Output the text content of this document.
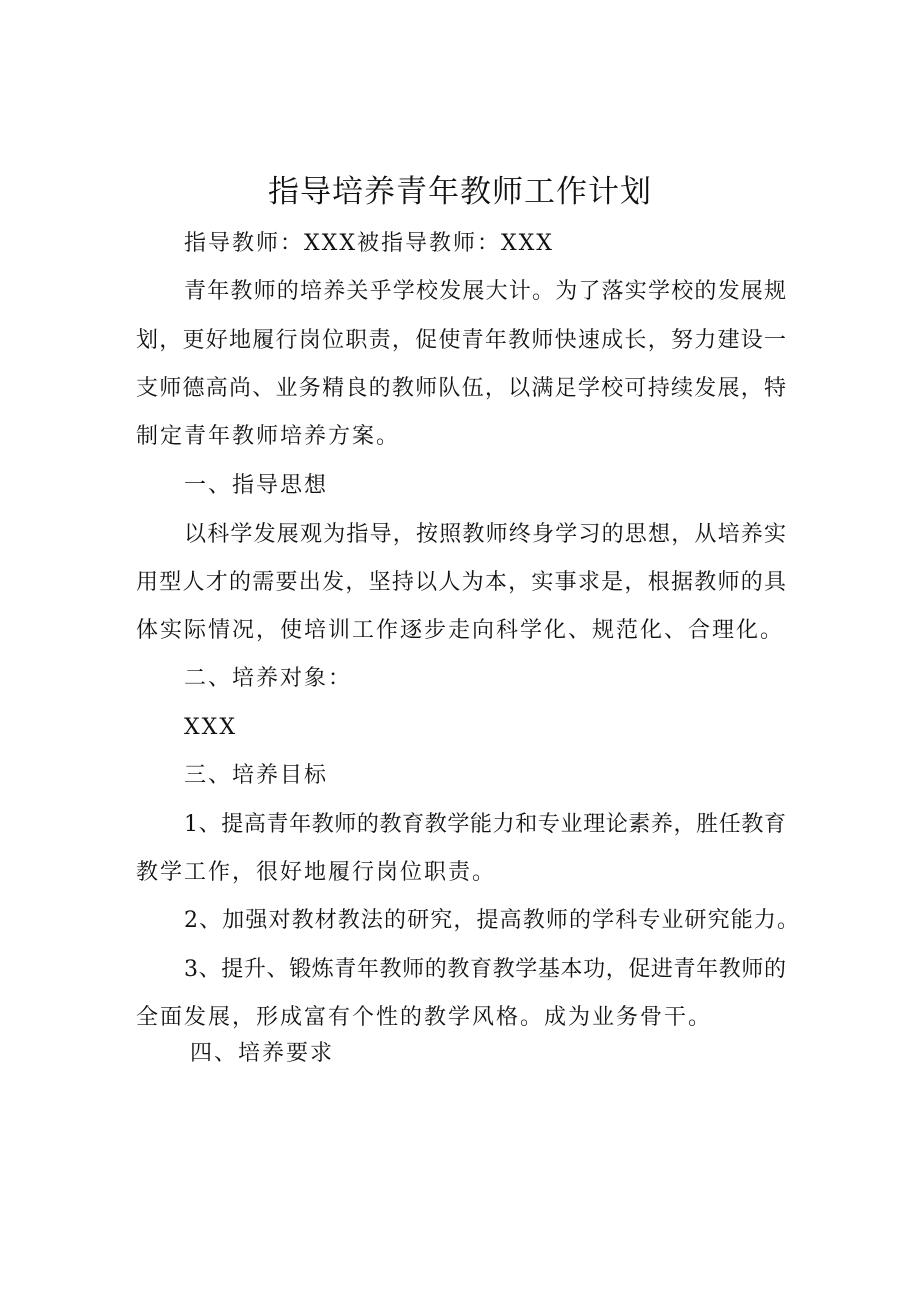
指导培养青年教师工作计划
指导教师：XXX被指导教师：XXX
青年教师的培养关乎学校发展大计。为了落实学校的发展规
划，更好地履行岗位职责，促使青年教师快速成长，努力建设一
支师德高尚、业务精良的教师队伍，以满足学校可持续发展，特
制定青年教师培养方案。
一、指导思想
以科学发展观为指导，按照教师终身学习的思想，从培养实
用型人才的需要出发，坚持以人为本，实事求是，根据教师的具
体实际情况，使培训工作逐步走向科学化、规范化、合理化。
二、培养对象：
XXX
三、培养目标
1、提高青年教师的教育教学能力和专业理论素养，胜任教育
教学工作，很好地履行岗位职责。
2、加强对教材教法的研究，提高教师的学科专业研究能力。
3、提升、锻炼青年教师的教育教学基本功，促进青年教师的
全面发展，形成富有个性的教学风格。成为业务骨干。
四、培养要求
